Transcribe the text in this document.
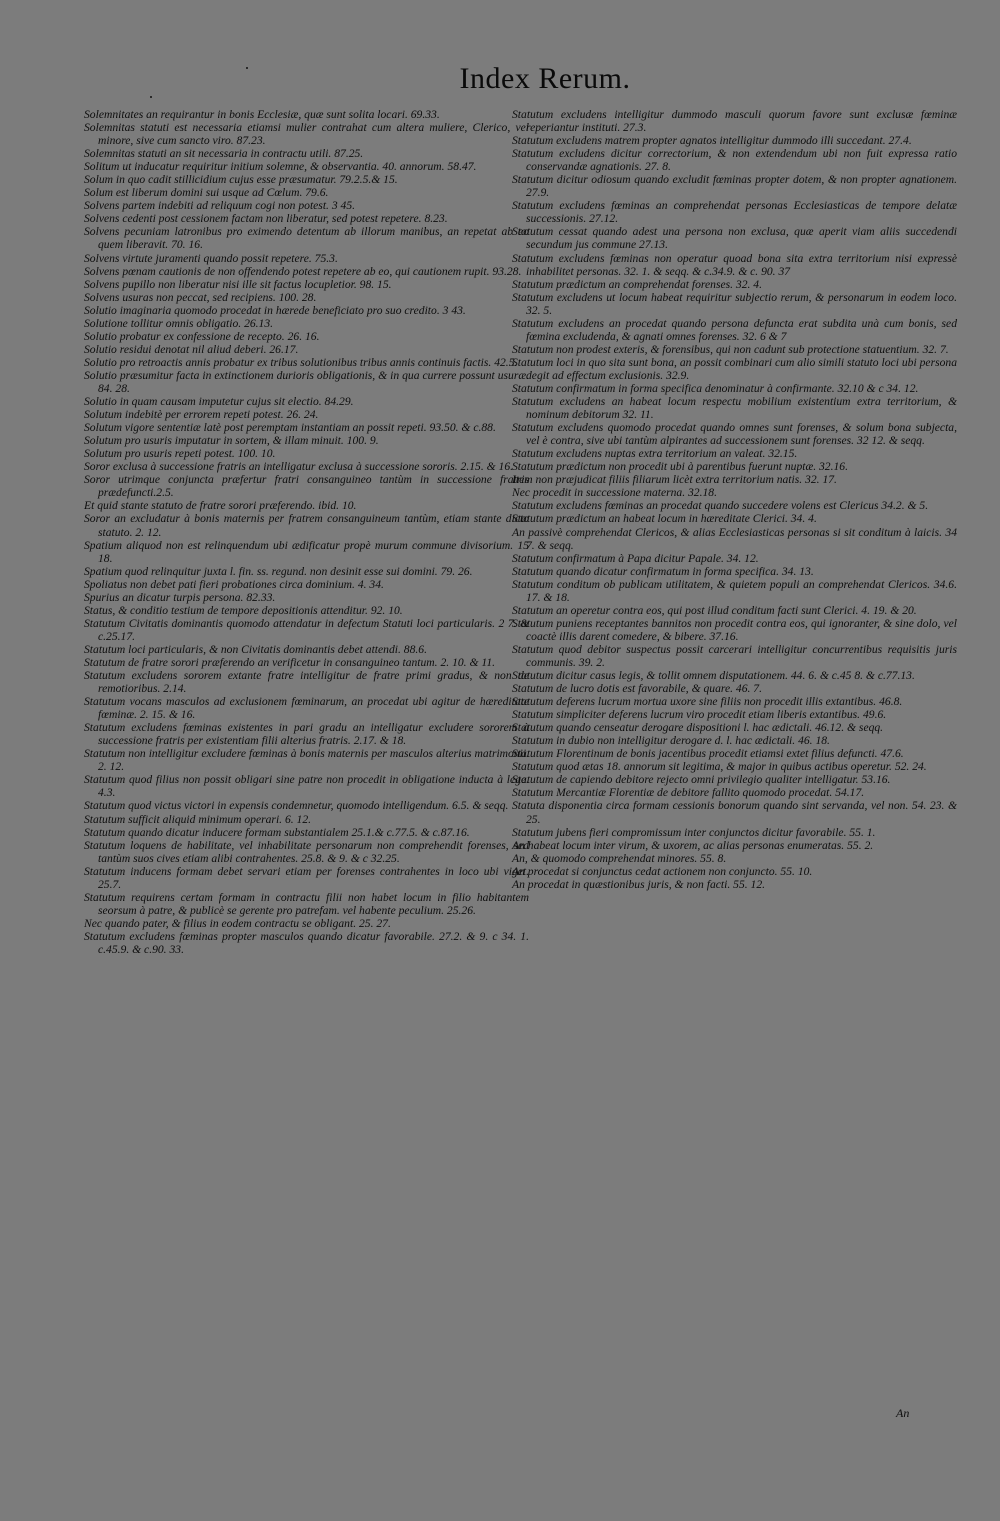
Index Rerum.

Solemnitates an requirantur in bonis Ecclesiæ, quæ sunt solita locari. 69.33.

Solemnitas statuti est necessaria etiamsi mulier contrahat cum altera muliere, Clerico, vel minore, sive cum sancto viro. 87.23.

Solemnitas statuti an sit necessaria in contractu utili. 87.25.

Solitum ut inducatur requiritur initium solemne, & observantia. 40. annorum. 58.47.

Solum in quo cadit stillicidium cujus esse præsumatur. 79.2.5.& 15.

Solum est liberum domini sui usque ad Cœlum. 79.6.

Solvens partem indebiti ad reliquum cogi non potest. 3 45.

Solvens cedenti post cessionem factam non liberatur, sed potest repetere. 8.23.

Solvens pecuniam latronibus pro eximendo detentum ab illorum manibus, an repetat ab eo quem liberavit. 70. 16.

Solvens virtute juramenti quando possit repetere. 75.3.

Solvens pœnam cautionis de non offendendo potest repetere ab eo, qui cautionem rupit. 93.28.

Solvens pupillo non liberatur nisi ille sit factus locupletior. 98. 15.

Solvens usuras non peccat, sed recipiens. 100. 28.

Solutio imaginaria quomodo procedat in hærede beneficiato pro suo credito. 3 43.

Solutione tollitur omnis obligatio. 26.13.

Solutio probatur ex confessione de recepto. 26. 16.

Solutio residui denotat nil aliud deberi. 26.17.

Solutio pro retroactis annis probatur ex tribus solutionibus tribus annis continuis factis. 42.5.

Solutio præsumitur facta in extinctionem durioris obligationis, & in qua currere possunt usuræ. 84. 28.

Solutio in quam causam imputetur cujus sit electio. 84.29.

Solutum indebitè per errorem repeti potest. 26. 24.

Solutum vigore sententiæ latè post peremptam instantiam an possit repeti. 93.50. & c.88.

Solutum pro usuris imputatur in sortem, & illam minuit. 100. 9.

Solutum pro usuris repeti potest. 100. 10.

Soror exclusa à successione fratris an intelligatur exclusa à successione sororis. 2.15. & 16.

Soror utrimque conjuncta præfertur fratri consanguineo tantùm in successione fratris prædefuncti.2.5.

Et quid stante statuto de fratre sorori præferendo. ibid. 10.

Soror an excludatur à bonis maternis per fratrem consanguineum tantùm, etiam stante dicto statuto. 2. 12.

Spatium aliquod non est relinquendum ubi ædificatur propè murum commune divisorium. 15 18.

Spatium quod relinquitur juxta l. fin. ss. regund. non desinit esse sui domini. 79. 26.

Spoliatus non debet pati fieri probationes circa dominium. 4. 34.

Spurius an dicatur turpis persona. 82.33.

Status, & conditio testium de tempore depositionis attenditur. 92. 10.

Statutum Civitatis dominantis quomodo attendatur in defectum Statuti loci particularis. 2 7. & c.25.17.

Statutum loci particularis, & non Civitatis dominantis debet attendi. 88.6.

Statutum de fratre sorori præferendo an verificetur in consanguineo tantum. 2. 10. & 11.

Statutum excludens sororem extante fratre intelligitur de fratre primi gradus, & non de remotioribus. 2.14.

Statutum vocans masculos ad exclusionem fœminarum, an procedat ubi agitur de hæreditate fœminæ. 2. 15. & 16.

Statutum excludens fœminas existentes in pari gradu an intelligatur excludere sororem à successione fratris per existentiam filii alterius fratris. 2.17. & 18.

Statutum non intelligitur excludere fœminas à bonis maternis per masculos alterius matrimonii. 2. 12.

Statutum quod filius non possit obligari sine patre non procedit in obligatione inducta à lege. 4.3.

Statutum quod victus victori in expensis condemnetur, quomodo intelligendum. 6.5. & seqq.

Statutum sufficit aliquid minimum operari. 6. 12.

Statutum quando dicatur inducere formam substantialem 25.1.& c.77.5. & c.87.16.

Statutum loquens de habilitate, vel inhabilitate personarum non comprehendit forenses, sed tantùm suos cives etiam alibi contrahentes. 25.8. & 9. & c 32.25.

Statutum inducens formam debet servari etiam per forenses contrahentes in loco ubi viget. 25.7.

Statutum requirens certam formam in contractu filii non habet locum in filio habitantem seorsum à patre, & publicè se gerente pro patrefam. vel habente peculium. 25.26.

Nec quando pater, & filius in eodem contractu se obligant. 25. 27.

Statutum excludens fœminas propter masculos quando dicatur favorabile. 27.2. & 9. c 34. 1. c.45.9. & c.90. 33.

Statutum excludens intelligitur dummodo masculi quorum favore sunt exclusæ fœminæ reperiantur instituti. 27.3.

Statutum excludens matrem propter agnatos intelligitur dummodo illi succedant. 27.4.

Statutum excludens dicitur correctorium, & non extendendum ubi non fuit expressa ratio conservandæ agnationis. 27. 8.

Statutum dicitur odiosum quando excludit fœminas propter dotem, & non propter agnationem. 27.9.

Statutum excludens fœminas an comprehendat personas Ecclesiasticas de tempore delatæ successionis. 27.12.

Statutum cessat quando adest una persona non exclusa, quæ aperit viam aliis succedendi secundum jus commune 27.13.

Statutum excludens fœminas non operatur quoad bona sita extra territorium nisi expressè inhabilitet personas. 32. 1. & seqq. & c.34.9. & c. 90. 37

Statutum prædictum an comprehendat forenses. 32. 4.

Statutum excludens ut locum habeat requiritur subjectio rerum, & personarum in eodem loco. 32. 5.

Statutum excludens an procedat quando persona defuncta erat subdita unà cum bonis, sed fœmina excludenda, & agnati omnes forenses. 32. 6 & 7

Statutum non prodest exteris, & forensibus, qui non cadunt sub protectione statuentium. 32. 7.

Statutum loci in quo sita sunt bona, an possit combinari cum alio simili statuto loci ubi persona degit ad effectum exclusionis. 32.9.

Statutum confirmatum in forma specifica denominatur à confirmante. 32.10 & c 34. 12.

Statutum excludens an habeat locum respectu mobilium existentium extra territorium, & nominum debitorum 32. 11.

Statutum excludens quomodo procedat quando omnes sunt forenses, & solum bona subjecta, vel è contra, sive ubi tantùm alpirantes ad successionem sunt forenses. 32 12. & seqq.

Statutum excludens nuptas extra territorium an valeat. 32.15.

Statutum prædictum non procedit ubi à parentibus fuerunt nuptæ. 32.16.

Item non præjudicat filiis filiarum licèt extra territorium natis. 32. 17.

Nec procedit in successione materna. 32.18.

Statutum excludens fœminas an procedat quando succedere volens est Clericus 34.2. & 5.

Statutum prædictum an habeat locum in hæreditate Clerici. 34. 4.

An passivè comprehendat Clericos, & alias Ecclesiasticas personas si sit conditum à laicis. 34 7. & seqq.

Statutum confirmatum à Papa dicitur Papale. 34. 12.

Statutum quando dicatur confirmatum in forma specifica. 34. 13.

Statutum conditum ob publicam utilitatem, & quietem populi an comprehendat Clericos. 34.6. 17. & 18.

Statutum an operetur contra eos, qui post illud conditum facti sunt Clerici. 4. 19. & 20.

Statutum puniens receptantes bannitos non procedit contra eos, qui ignoranter, & sine dolo, vel coactè illis darent comedere, & bibere. 37.16.

Statutum quod debitor suspectus possit carcerari intelligitur concurrentibus requisitis juris communis. 39. 2.

Statutum dicitur casus legis, & tollit omnem disputationem. 44. 6. & c.45 8. & c.77.13.

Statutum de lucro dotis est favorabile, & quare. 46. 7.

Statutum deferens lucrum mortua uxore sine filiis non procedit illis extantibus. 46.8.

Statutum simpliciter deferens lucrum viro procedit etiam liberis extantibus. 49.6.

Statutum quando censeatur derogare dispositioni l. hac ædictali. 46.12. & seqq.

Statutum in dubio non intelligitur derogare d. l. hac ædictali. 46. 18.

Statutum Florentinum de bonis jacentibus procedit etiamsi extet filius defuncti. 47.6.

Statutum quod ætas 18. annorum sit legitima, & major in quibus actibus operetur. 52. 24.

Statutum de capiendo debitore rejecto omni privilegio qualiter intelligatur. 53.16.

Statutum Mercantiæ Florentiæ de debitore fallito quomodo procedat. 54.17.

Statuta disponentia circa formam cessionis bonorum quando sint servanda, vel non. 54. 23. & 25.

Statutum jubens fieri compromissum inter conjunctos dicitur favorabile. 55. 1.

An habeat locum inter virum, & uxorem, ac alias personas enumeratas. 55. 2.

An, & quomodo comprehendat minores. 55. 8.

An procedat si conjunctus cedat actionem non conjuncto. 55. 10.

An procedat in quæstionibus juris, & non facti. 55. 12.

An
